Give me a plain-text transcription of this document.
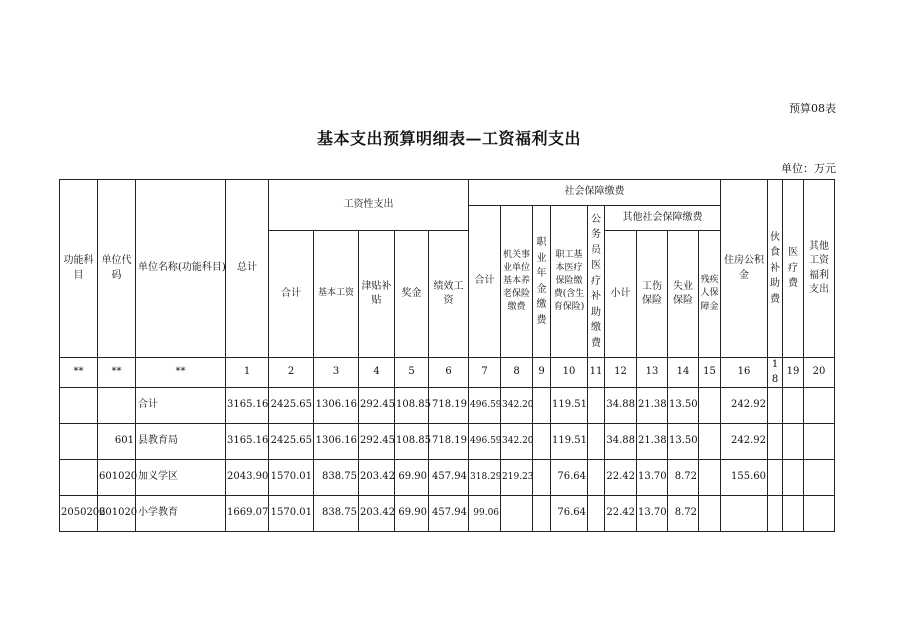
预算08表
基本支出预算明细表—工资福利支出
单位：万元
功能科目	单位代码	单位名称(功能科目)	总计	工资性支出					社会保障缴费									住房公积金	伙食补助费	医疗费	其他工资福利支出
									合计	机关事业单位基本养老保险缴费	职业年金缴费	职工基本医疗保险缴费(含生育保险)	公务员医疗补助缴费	其他社会保障缴费							
				合计	基本工资	津贴补贴	奖金	绩效工资						小计	工伤保险	失业保险	残疾人保障金				
**	**	**	1	2	3	4	5	6	7	8	9	10	11	12	13	14	15	16	18	19	20
		合计	3165.16	2425.65	1306.16	292.45	108.85	718.19	496.59	342.20		119.51		34.88	21.38	13.50		242.92			
	601	县教育局	3165.16	2425.65	1306.16	292.45	108.85	718.19	496.59	342.20		119.51		34.88	21.38	13.50		242.92			
	601020	加义学区	2043.90	1570.01	838.75	203.42	69.90	457.94	318.29	219.23		76.64		22.42	13.70	8.72		155.60			
2050202	601020	小学教育	1669.07	1570.01	838.75	203.42	69.90	457.94	99.06			76.64		22.42	13.70	8.72					
